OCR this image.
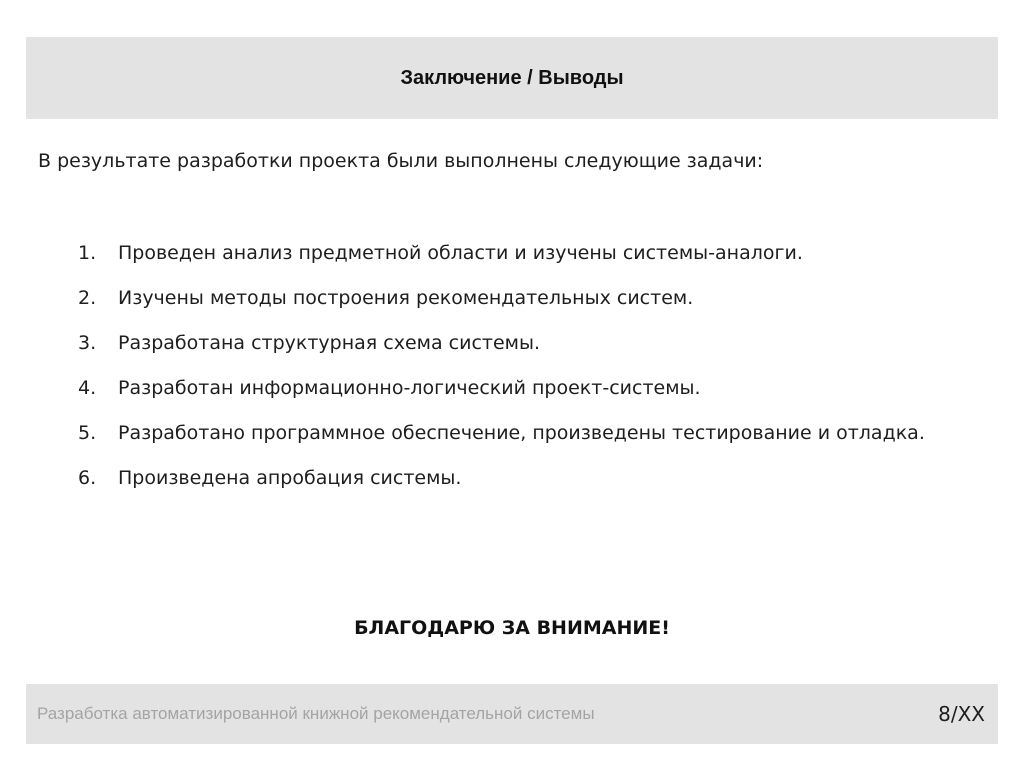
Заключение / Выводы
В результате разработки проекта были выполнены следующие задачи:
1.	Проведен анализ предметной области и изучены системы-аналоги.
2.	Изучены методы построения рекомендательных систем.
3.	Разработана структурная схема системы.
4.	Разработан информационно-логический проект-системы.
5.	Разработано программное обеспечение, произведены тестирование и отладка.
6.	Произведена апробация системы.
БЛАГОДАРЮ ЗА ВНИМАНИЕ!
Разработка автоматизированной книжной рекомендательной системы	8/XX
